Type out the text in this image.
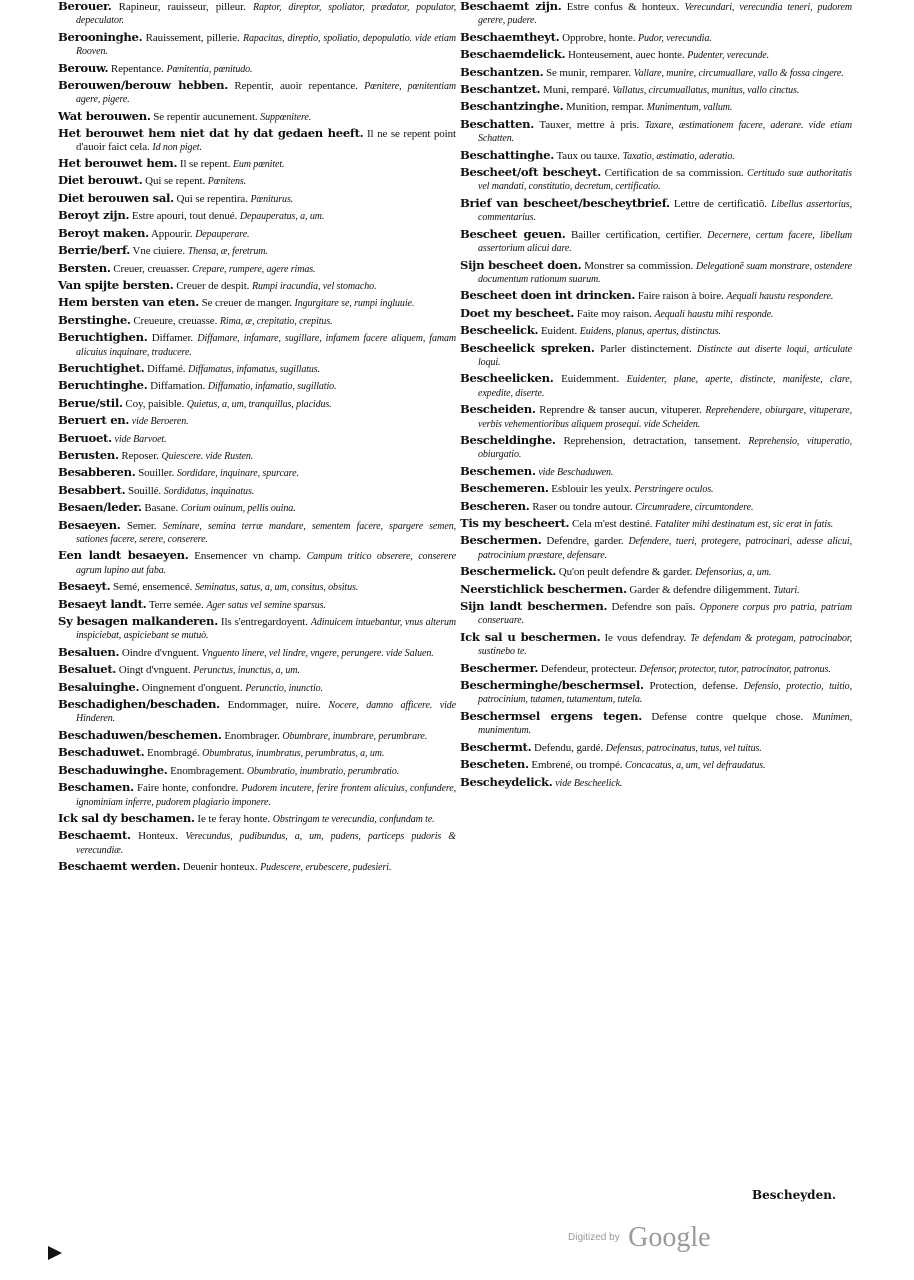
Berouer. Rapineur, rauisseur, pilleur. Raptor, direptor, spoliator, prædator, populator, depeculator.

Berooninghe. Rauissement, pillerie. Rapacitas, direptio, spoliatio, depopulatio. vide etiam Rooven.

Berouw. Repentance. Pœnitentia, pœnitudo.

Berouwen/berouw hebben. Repentir, auoir repentance. Pœnitere, pœnitentiam agere, pigere.

Wat berouwen. Se repentir aucunement. Suppœnitere.

Het berouwet hem niet dat hy dat gedaen heeft. Il ne se repent point d'auoir faict cela. Id non piget.

Het berouwet hem. Il se repent. Eum pœnitet.

Diet berouwt. Qui se repent. Pœnitens.

Diet berouwen sal. Qui se repentira. Pœniturus.

Beroyt zijn. Estre apouri, tout denué. Depauperatus, a, um.

Beroyt maken. Appourir. Depauperare.

Berrie/berf. Vne ciuiere. Thensa, æ, feretrum.

Bersten. Creuer, creuasser. Crepare, rumpere, agere rimas.

Van spijte bersten. Creuer de despit. Rumpi iracundia, vel stomacho.

Hem bersten van eten. Se creuer de manger. Ingurgitare se, rumpi ingluuie.

Berstinghe. Creueure, creuasse. Rima, æ, crepitatio, crepitus.

Beruchtighen. Diffamer. Diffamare, infamare, sugillare, infamem facere aliquem, famam alicuius inquinare, traducere.

Beruchtighet. Diffamé. Diffamatus, infamatus, sugillatus.

Beruchtinghe. Diffamation. Diffamatio, infamatio, sugillatio.

Berue/stil. Coy, paisible. Quietus, a, um, tranquillus, placidus.

Beruert en. vide Beroeren.

Beruoet. vide Barvoet.

Berusten. Reposer. Quiescere. vide Rusten.

Besabberen. Souiller. Sordidare, inquinare, spurcare.

Besabbert. Souillé. Sordidatus, inquinatus.

Besaen/leder. Basane. Corium ouinum, pellis ouina.

Besaeyen. Semer. Seminare, semina terræ mandare, sementem facere, spargere semen, sationes facere, serere, conserere.

Een landt besaeyen. Ensemencer vn champ. Campum tritico obserere, conserere agrum lupino aut faba.

Besaeyt. Semé, ensemencé. Seminatus, satus, a, um, consitus, obsitus.

Besaeyt landt. Terre semée. Ager satus vel semine sparsus.

Sy besagen malkanderen. Ils s'entregardoyent. Adinuicem intuebantur, vnus alterum inspiciebat, aspiciebant se mutuò.

Besaluen. Oindre d'vnguent. Vnguento linere, vel lindre, vngere, perungere. vide Saluen.

Besaluet. Oingt d'vnguent. Perunctus, inunctus, a, um.

Besaluinghe. Oingnement d'onguent. Perunctio, inunctio.

Beschadighen/beschaden. Endommager, nuire. Nocere, damno afficere. vide Hinderen.

Beschaduwen/beschemen. Enombrager. Obumbrare, inumbrare, perumbrare.

Beschaduwet. Enombragé. Obumbratus, inumbratus, perumbratus, a, um.

Beschaduwinghe. Enombragement. Obumbratio, inumbratio, perumbratio.

Beschamen. Faire honte, confondre. Pudorem incutere, ferire frontem alicuius, confundere, ignominiam inferre, pudorem plagiario imponere.

Ick sal dy beschamen. Ie te feray honte. Obstringam te verecundia, confundam te.

Beschaemt. Honteux. Verecundus, pudibundus, a, um, pudens, particeps pudoris & verecundiæ.

Beschaemt werden. Deuenir honteux. Pudescere, erubescere, pudesieri.

Beschaemt zijn. Estre confus & honteux. Verecundari, verecundia teneri, pudorem gerere, pudere.

Beschaemtheyt. Opprobre, honte. Pudor, verecundia.

Beschaemdelick. Honteusement, auec honte. Pudenter, verecunde.

Beschantzen. Se munir, remparer. Vallare, munire, circumuallare, vallo & fossa cingere.

Beschantzet. Muni, remparé. Vallatus, circumuallatus, munitus, vallo cinctus.

Beschantzinghe. Munition, rempar. Munimentum, vallum.

Beschatten. Tauxer, mettre à pris. Taxare, æstimationem facere, aderare. vide etiam Schatten.

Beschattinghe. Taux ou tauxe. Taxatio, æstimatio, aderatio.

Bescheet/oft bescheyt. Certification de sa commission. Certitudo suæ authoritatis vel mandati, constitutio, decretum, certificatio.

Brief van bescheet/bescheytbrief. Lettre de certificatiõ. Libellus assertorius, commentarius.

Bescheet geuen. Bailler certification, certifier. Decernere, certum facere, libellum assertorium alicui dare.

Sijn bescheet doen. Monstrer sa commission. Delegationẽ suam monstrare, ostendere documentum rationum suarum.

Bescheet doen int drincken. Faire raison à boire. Aequali haustu respondere.

Doet my bescheet. Faite moy raison. Aequali haustu mihi responde.

Bescheelick. Euident. Euidens, planus, apertus, distinctus.

Bescheelick spreken. Parler distinctement. Distincte aut diserte loqui, articulate loqui.

Bescheelicken. Euidemment. Euidenter, plane, aperte, distincte, manifeste, clare, expedite, diserte.

Bescheiden. Reprendre & tanser aucun, vituperer. Reprehendere, obiurgare, vituperare, verbis vehementioribus aliquem prosequi. vide Scheiden.

Bescheldinghe. Reprehension, detractation, tansement. Reprehensio, vituperatio, obiurgatio.

Beschemen. vide Beschaduwen.

Beschemeren. Esblouir les yeulx. Perstringere oculos.

Bescheren. Raser ou tondre autour. Circumradere, circumtondere.

Tis my bescheert. Cela m'est destiné. Fataliter mihi destinatum est, sic erat in fatis.

Beschermen. Defendre, garder. Defendere, tueri, protegere, patrocinari, adesse alicui, patrocinium præstare, defensare.

Beschermelick. Qu'on peult defendre & garder. Defensorius, a, um.

Neerstichlick beschermen. Garder & defendre diligemment. Tutari.

Sijn landt beschermen. Defendre son païs. Opponere corpus pro patria, patriam conseruare.

Ick sal u beschermen. Ie vous defendray. Te defendam & protegam, patrocinabor, sustinebo te.

Beschermer. Defendeur, protecteur. Defensor, protector, tutor, patrocinator, patronus.

Bescherminghe/beschermsel. Protection, defense. Defensio, protectio, tuitio, patrocinium, tutamen, tutamentum, tutela.

Beschermsel ergens tegen. Defense contre quelque chose. Munimen, munimentum.

Beschermt. Defendu, gardé. Defensus, patrocinatus, tutus, vel tuitus.

Bescheten. Embrené, ou trompé. Concacatus, a, um, vel defraudatus.

Bescheydelick. vide Bescheelick.

Bescheyden.
$^{Digitized by}$ Google
